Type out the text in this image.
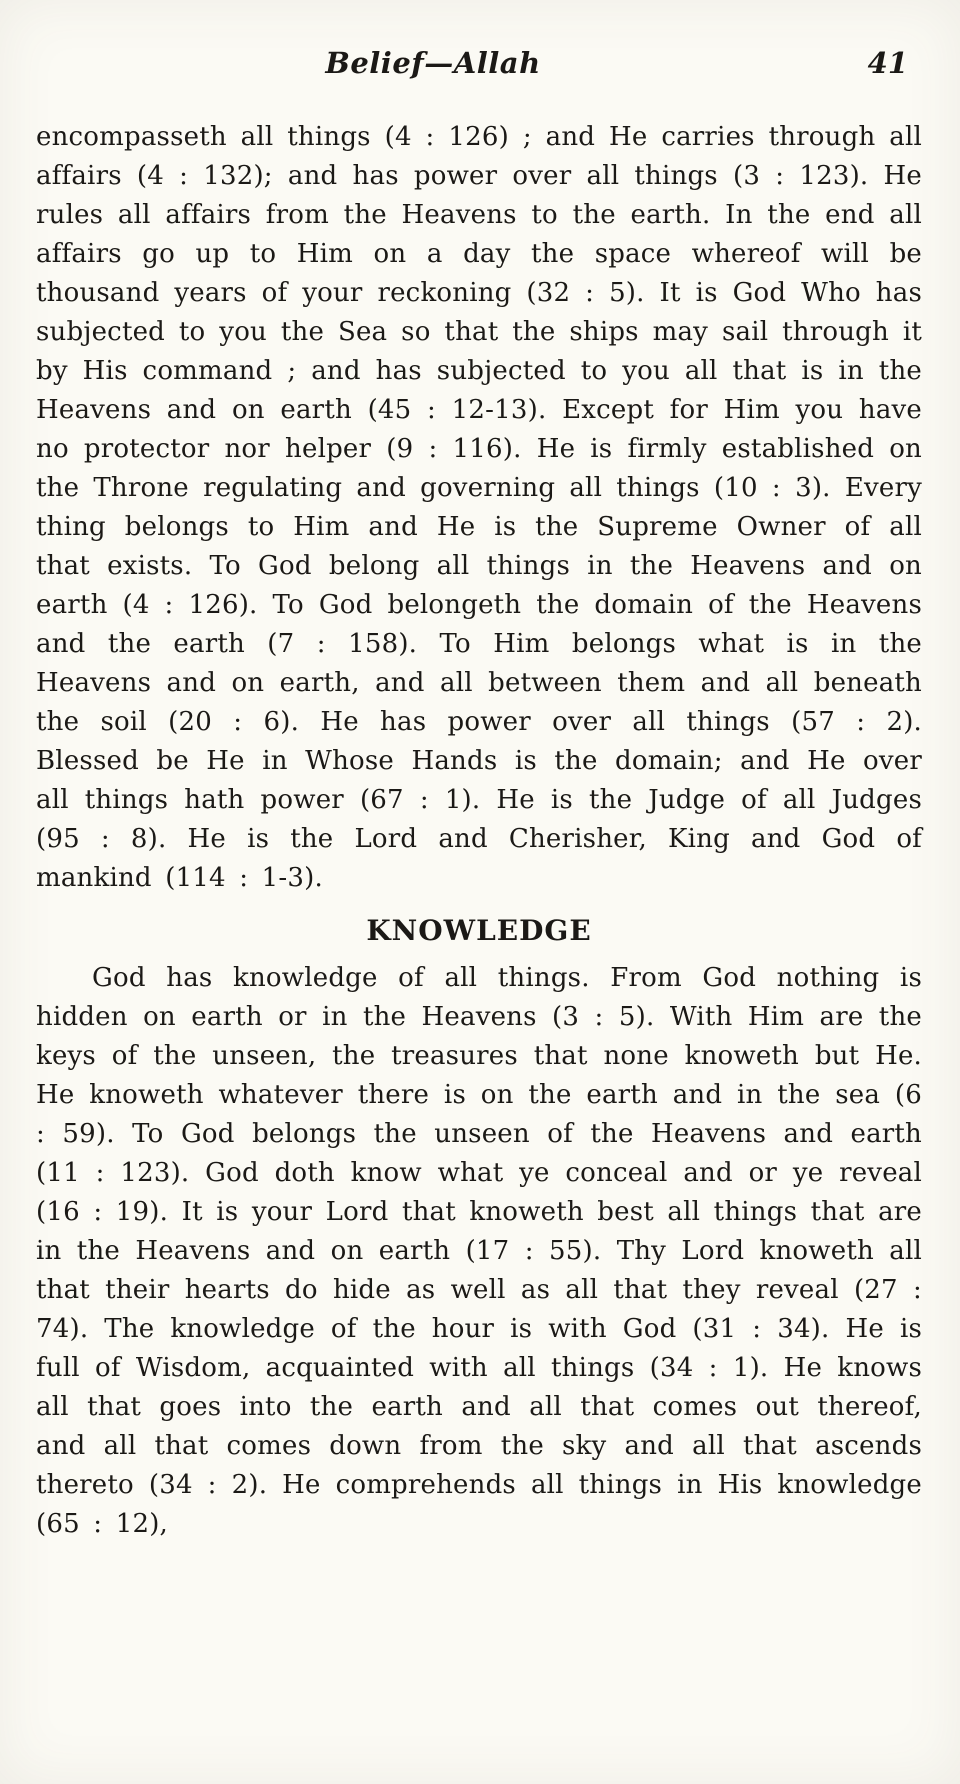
Belief—Allah	41

encompasseth all things (4 : 126) ; and He carries through all affairs (4 : 132); and has power over all things (3 : 123). He rules all affairs from the Heavens to the earth. In the end all affairs go up to Him on a day the space whereof will be thousand years of your reckoning (32 : 5). It is God Who has subjected to you the Sea so that the ships may sail through it by His command ; and has subjected to you all that is in the Heavens and on earth (45 : 12-13). Except for Him you have no protector nor helper (9 : 116). He is firmly established on the Throne regulating and governing all things (10 : 3). Every thing belongs to Him and He is the Supreme Owner of all that exists. To God belong all things in the Heavens and on earth (4 : 126). To God belongeth the domain of the Heavens and the earth (7 : 158). To Him belongs what is in the Heavens and on earth, and all between them and all beneath the soil (20 : 6). He has power over all things (57 : 2). Blessed be He in Whose Hands is the domain; and He over all things hath power (67 : 1). He is the Judge of all Judges (95 : 8). He is the Lord and Cherisher, King and God of mankind (114 : 1-3).

KNOWLEDGE

God has knowledge of all things. From God nothing is hidden on earth or in the Heavens (3 : 5). With Him are the keys of the unseen, the treasures that none knoweth but He. He knoweth whatever there is on the earth and in the sea (6 : 59). To God belongs the unseen of the Heavens and earth (11 : 123). God doth know what ye conceal and or ye reveal (16 : 19). It is your Lord that knoweth best all things that are in the Heavens and on earth (17 : 55). Thy Lord knoweth all that their hearts do hide as well as all that they reveal (27 : 74). The knowledge of the hour is with God (31 : 34). He is full of Wisdom, acquainted with all things (34 : 1). He knows all that goes into the earth and all that comes out thereof, and all that comes down from the sky and all that ascends thereto (34 : 2). He comprehends all things in His knowledge (65 : 12),
